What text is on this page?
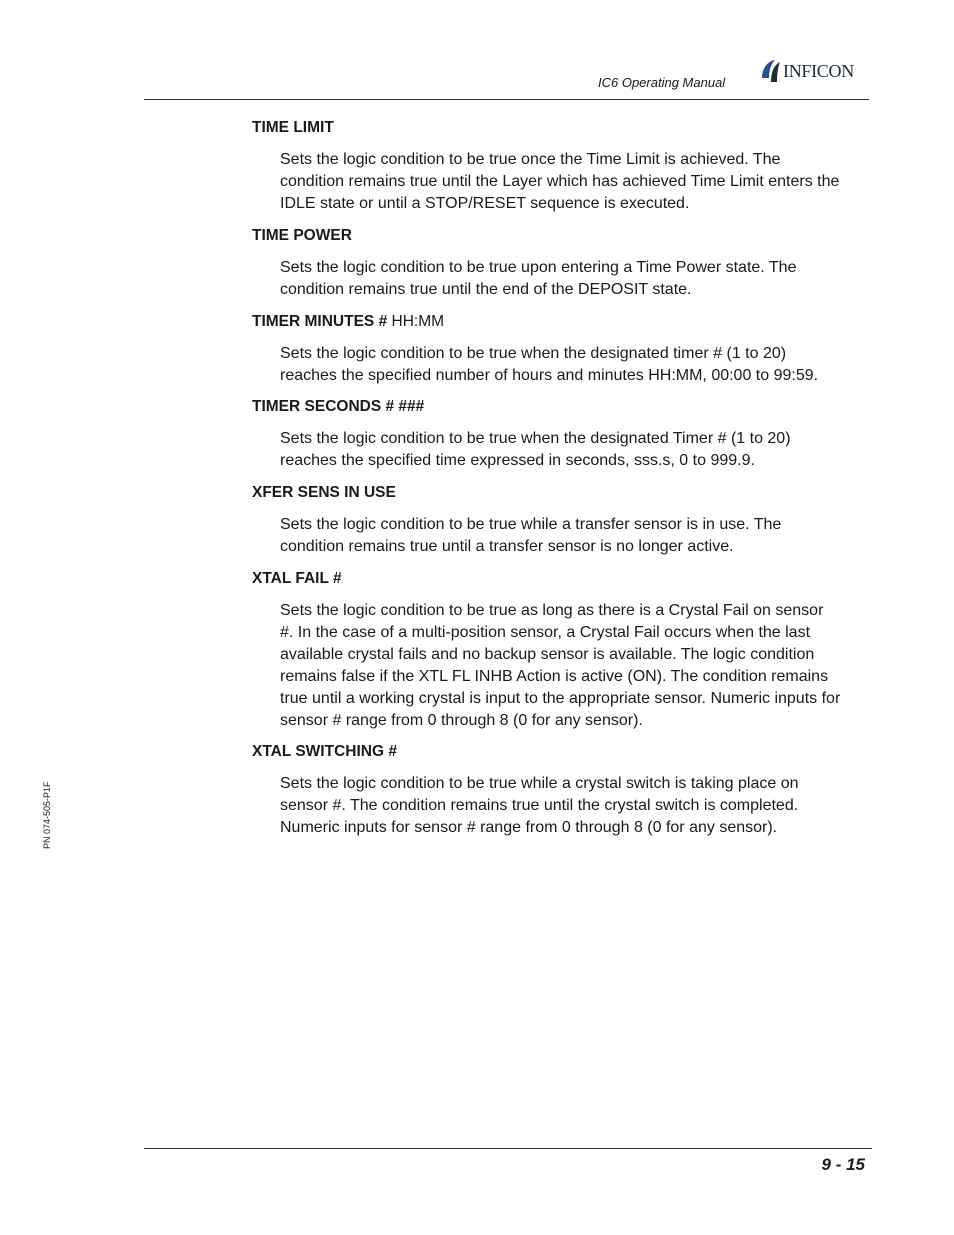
IC6 Operating Manual
INFICON
PN 074-505-P1F
TIME LIMIT
Sets the logic condition to be true once the Time Limit is achieved. The
condition remains true until the Layer which has achieved Time Limit enters the
IDLE state or until a STOP/RESET sequence is executed.
TIME POWER
Sets the logic condition to be true upon entering a Time Power state. The
condition remains true until the end of the DEPOSIT state.
TIMER MINUTES # HH:MM
Sets the logic condition to be true when the designated timer # (1 to 20)
reaches the specified number of hours and minutes HH:MM, 00:00 to 99:59.
TIMER SECONDS # ###
Sets the logic condition to be true when the designated Timer # (1 to 20)
reaches the specified time expressed in seconds, sss.s, 0 to 999.9.
XFER SENS IN USE
Sets the logic condition to be true while a transfer sensor is in use. The
condition remains true until a transfer sensor is no longer active.
XTAL FAIL #
Sets the logic condition to be true as long as there is a Crystal Fail on sensor
#. In the case of a multi-position sensor, a Crystal Fail occurs when the last
available crystal fails and no backup sensor is available. The logic condition
remains false if the XTL FL INHB Action is active (ON). The condition remains
true until a working crystal is input to the appropriate sensor. Numeric inputs for
sensor # range from 0 through 8 (0 for any sensor).
XTAL SWITCHING #
Sets the logic condition to be true while a crystal switch is taking place on
sensor #. The condition remains true until the crystal switch is completed.
Numeric inputs for sensor # range from 0 through 8 (0 for any sensor).
9 - 15
